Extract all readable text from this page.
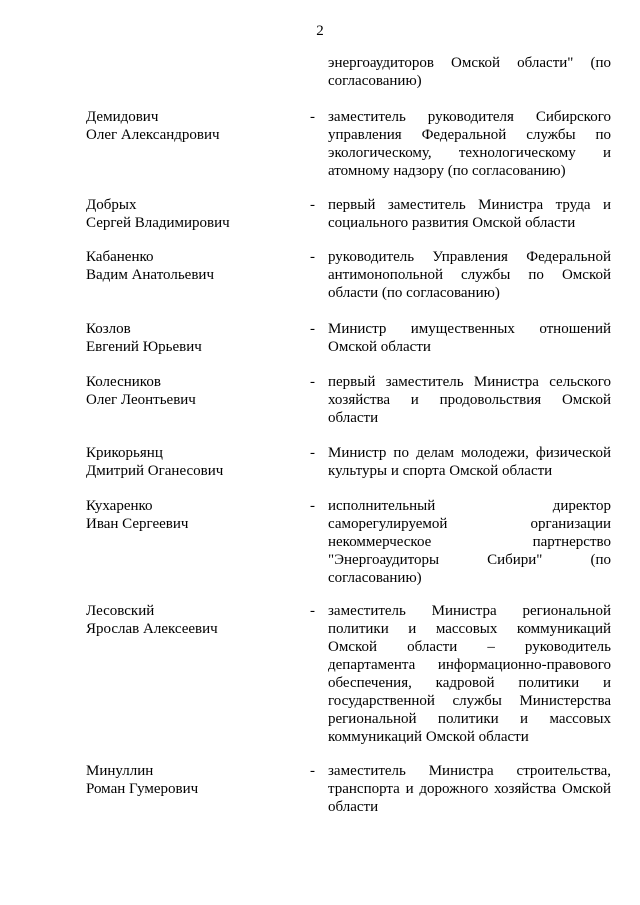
2
энергоаудиторов Омской области" (по согласованию)
Демидович
Олег Александрович
- заместитель руководителя Сибирского управления Федеральной службы по экологическому, технологическому и атомному надзору (по согласованию)
Добрых
Сергей Владимирович
- первый заместитель Министра труда и социального развития Омской области
Кабаненко
Вадим Анатольевич
- руководитель Управления Федеральной антимонопольной службы по Омской области (по согласованию)
Козлов
Евгений Юрьевич
- Министр имущественных отношений Омской области
Колесников
Олег Леонтьевич
- первый заместитель Министра сельского хозяйства и продовольствия Омской области
Крикорьянц
Дмитрий Оганесович
- Министр по делам молодежи, физической культуры и спорта Омской области
Кухаренко
Иван Сергеевич
- исполнительный директор саморегулируемой организации некоммерческое партнерство "Энергоаудиторы Сибири" (по согласованию)
Лесовский
Ярослав Алексеевич
- заместитель Министра региональной политики и массовых коммуникаций Омской области – руководитель департамента информационно-правового обеспечения, кадровой политики и государственной службы Министерства региональной политики и массовых коммуникаций Омской области
Минуллин
Роман Гумерович
- заместитель Министра строительства, транспорта и дорожного хозяйства Омской области
